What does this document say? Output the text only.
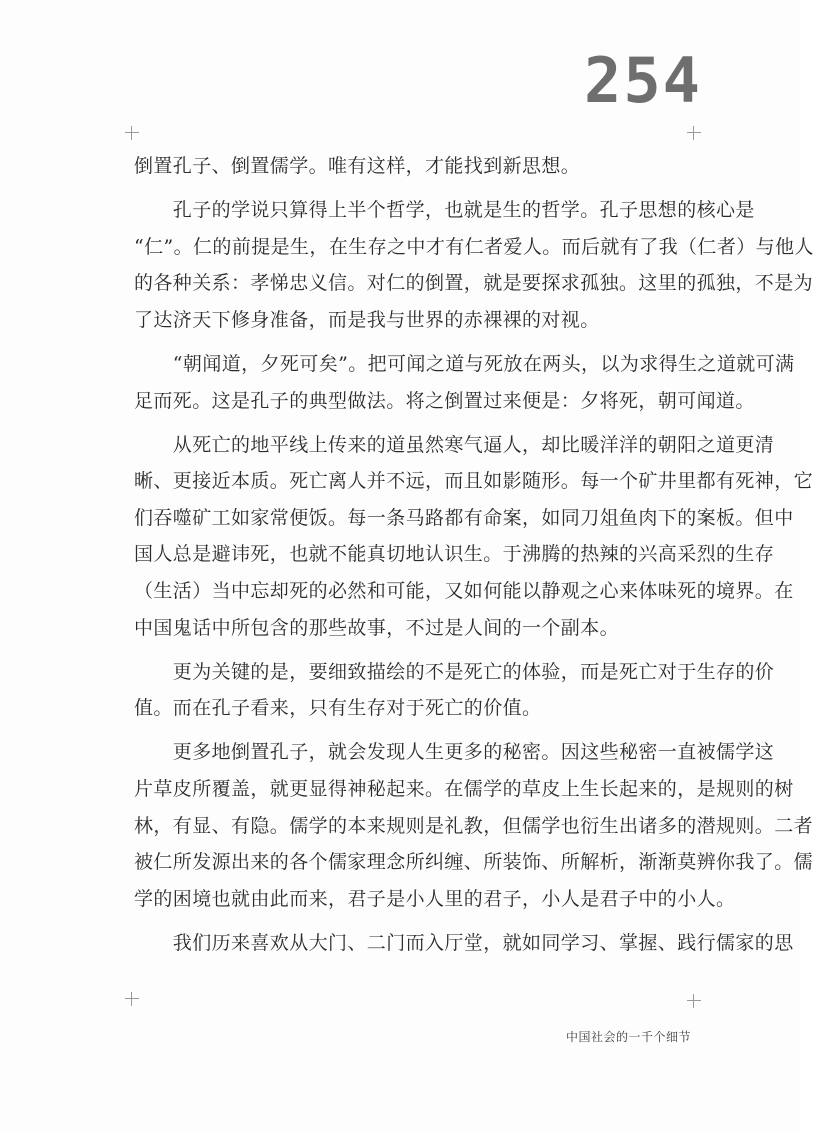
254
倒置孔子、倒置儒学。唯有这样，才能找到新思想。
　　孔子的学说只算得上半个哲学，也就是生的哲学。孔子思想的核心是
“仁”。仁的前提是生，在生存之中才有仁者爱人。而后就有了我（仁者）与他人
的各种关系：孝悌忠义信。对仁的倒置，就是要探求孤独。这里的孤独，不是为
了达济天下修身准备，而是我与世界的赤裸裸的对视。
　　“朝闻道，夕死可矣”。把可闻之道与死放在两头，以为求得生之道就可满
足而死。这是孔子的典型做法。将之倒置过来便是：夕将死，朝可闻道。
　　从死亡的地平线上传来的道虽然寒气逼人，却比暖洋洋的朝阳之道更清
晰、更接近本质。死亡离人并不远，而且如影随形。每一个矿井里都有死神，它
们吞噬矿工如家常便饭。每一条马路都有命案，如同刀俎鱼肉下的案板。但中
国人总是避讳死，也就不能真切地认识生。于沸腾的热辣的兴高采烈的生存
（生活）当中忘却死的必然和可能，又如何能以静观之心来体味死的境界。在
中国鬼话中所包含的那些故事，不过是人间的一个副本。
　　更为关键的是，要细致描绘的不是死亡的体验，而是死亡对于生存的价
值。而在孔子看来，只有生存对于死亡的价值。
　　更多地倒置孔子，就会发现人生更多的秘密。因这些秘密一直被儒学这
片草皮所覆盖，就更显得神秘起来。在儒学的草皮上生长起来的，是规则的树
林，有显、有隐。儒学的本来规则是礼教，但儒学也衍生出诸多的潜规则。二者
被仁所发源出来的各个儒家理念所纠缠、所装饰、所解析，渐渐莫辨你我了。儒
学的困境也就由此而来，君子是小人里的君子，小人是君子中的小人。
　　我们历来喜欢从大门、二门而入厅堂，就如同学习、掌握、践行儒家的思
中国社会的一千个细节
